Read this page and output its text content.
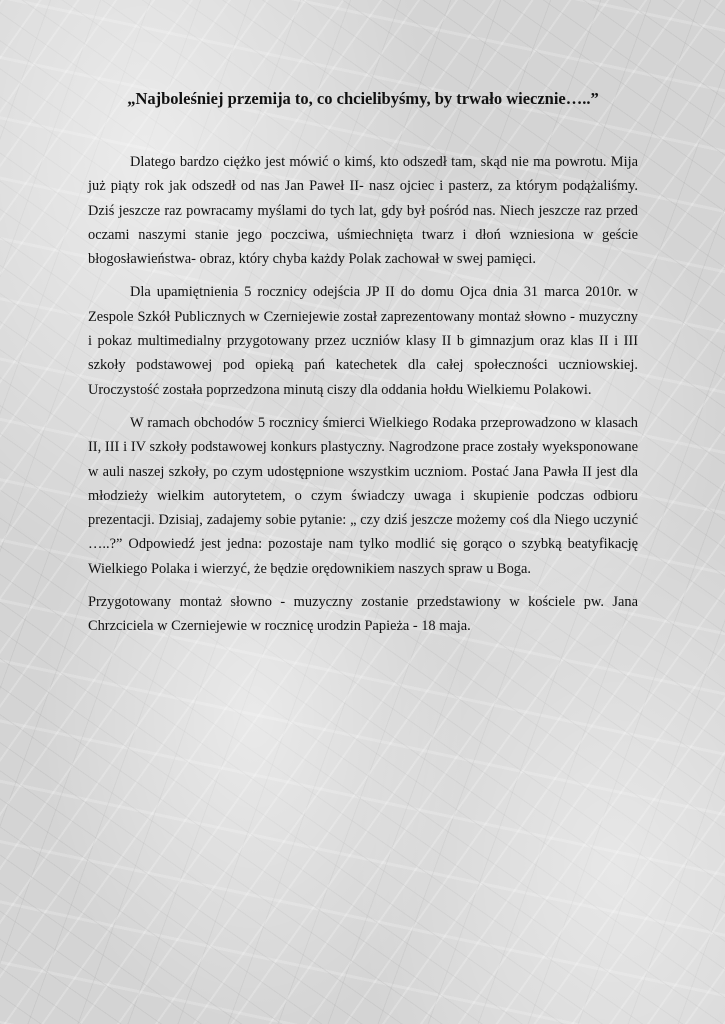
„Najboleśniej przemija to, co chcielibyśmy, by trwało wiecznie…..”

Dlatego bardzo ciężko jest mówić o kimś, kto odszedł tam, skąd nie ma powrotu. Mija już piąty rok jak odszedł od nas Jan Paweł II- nasz ojciec i pasterz, za którym podążaliśmy. Dziś jeszcze raz powracamy myślami do tych lat, gdy był pośród nas. Niech jeszcze raz przed oczami naszymi stanie jego poczciwa, uśmiechnięta twarz i dłoń wzniesiona w geście błogosławieństwa- obraz, który chyba każdy Polak zachował w swej pamięci.

Dla upamiętnienia 5 rocznicy odejścia JP II do domu Ojca dnia 31 marca 2010r. w Zespole Szkół Publicznych w Czerniejewie został zaprezentowany montaż słowno - muzyczny i pokaz multimedialny przygotowany przez uczniów klasy II b gimnazjum oraz klas II i III szkoły podstawowej pod opieką pań katechetek dla całej społeczności uczniowskiej. Uroczystość została poprzedzona minutą ciszy dla oddania hołdu Wielkiemu Polakowi.

W ramach obchodów 5 rocznicy śmierci Wielkiego Rodaka przeprowadzono w klasach II, III i IV szkoły podstawowej konkurs plastyczny. Nagrodzone prace zostały wyeksponowane w auli naszej szkoły, po czym udostępnione wszystkim uczniom. Postać Jana Pawła II jest dla młodzieży wielkim autorytetem, o czym świadczy uwaga i skupienie podczas odbioru prezentacji. Dzisiaj, zadajemy sobie pytanie: „ czy dziś jeszcze możemy coś dla Niego uczynić …..?” Odpowiedź jest jedna: pozostaje nam tylko modlić się gorąco o szybką beatyfikację Wielkiego Polaka i wierzyć, że będzie orędownikiem naszych spraw u Boga.

Przygotowany montaż słowno - muzyczny zostanie przedstawiony w kościele pw. Jana Chrzciciela w Czerniejewie w rocznicę urodzin Papieża - 18 maja.
